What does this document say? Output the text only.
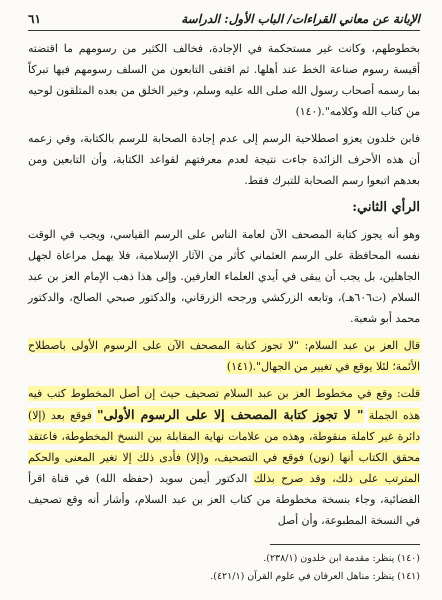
الإبانة عن معاني القراءات/ الباب الأول: الدراسة
٦١

بخطوطهم، وكانت غير مستحكمة في الإجادة، فخالف الكثير من رسومهم ما اقتضته أقيسة رسوم صناعة الخط عند أهلها. ثم اقتفى التابعون من السلف رسومهم فيها تبركاً بما رسمه أصحاب رسول الله صلى الله عليه وسلم، وخير الخلق من بعده المتلقون لوحيه من كتاب الله وكلامه".(١٤٠)

فابن خلدون يعزو اصطلاحية الرسم إلى عدم إجادة الصحابة للرسم بالكتابة، وفي زعمه أن هذه الأحرف الزائدة جاءت نتيجة لعدم معرفتهم لقواعد الكتابة، وأن التابعين ومن بعدهم اتبعوا رسم الصحابة للتبرك فقط.

الرأي الثاني:

وهو أنه يجوز كتابة المصحف الآن لعامة الناس على الرسم القياسي، ويجب في الوقت نفسه المحافظة على الرسم العثماني كأثر من الآثار الإسلامية، فلا يهمل مراعاة لجهل الجاهلين، بل يجب أن يبقى في أيدي العلماء العارفين. وإلى هذا ذهب الإمام العز بن عبد السلام (ت٦٠٦هـ)، وتابعه الزركشي ورجحه الزرقاني، والدكتور صبحي الصالح، والدكتور محمد أبو شعبة.

قال العز بن عبد السلام: "لا تجوز كتابة المصحف الآن على الرسوم الأولى باصطلاح الأئمة؛ لئلا يوقع في تغيير من الجهال".(١٤١)

قلت: وقع في مخطوط العز بن عبد السلام تصحيف حيث إن أصل المخطوط كتب فيه هذه الجملة " لا تجوز كتابة المصحف إلا على الرسوم الأولى" فوقع بعد (إلا) دائرة غير كاملة منقوطة، وهذه من علامات نهاية المقابلة بين النسخ المخطوطة، فاعتقد محقق الكتاب أنها (نون) فوقع في التصحيف، و(إلا) فأدى ذلك إلا تغير المعنى والحكم المترتب على ذلك، وقد صرح بذلك الدكتور أيمن سويد (حفظه الله) في قناة اقرأ الفضائية، وجاء بنسخة مخطوطة من كتاب العز بن عبد السلام، وأشار أنه وقع تصحيف في النسخة المطبوعة، وأن أصل

(١٤٠) ينظر: مقدمة ابن خلدون (٢٣٨/١).
(١٤١) ينظر: مناهل العرفان في علوم القرآن (٤٢١/١).
